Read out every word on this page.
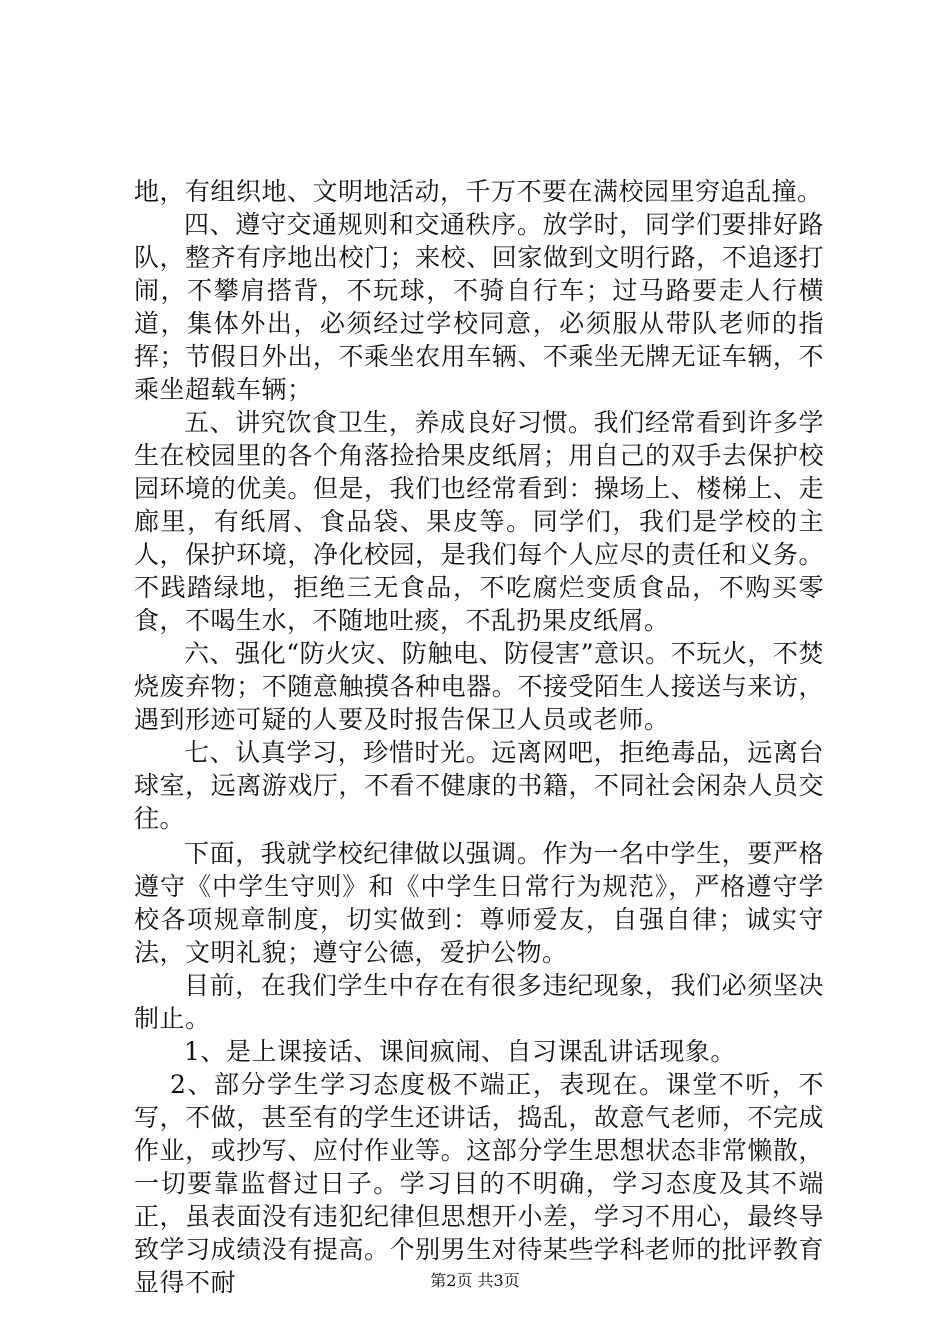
地，有组织地、文明地活动，千万不要在满校园里穷追乱撞。

四、遵守交通规则和交通秩序。放学时，同学们要排好路队，整齐有序地出校门；来校、回家做到文明行路，不追逐打闹，不攀肩搭背，不玩球，不骑自行车；过马路要走人行横道，集体外出，必须经过学校同意，必须服从带队老师的指挥；节假日外出，不乘坐农用车辆、不乘坐无牌无证车辆，不乘坐超载车辆；

五、讲究饮食卫生，养成良好习惯。我们经常看到许多学生在校园里的各个角落捡拾果皮纸屑；用自己的双手去保护校园环境的优美。但是，我们也经常看到：操场上、楼梯上、走廊里，有纸屑、食品袋、果皮等。同学们，我们是学校的主人，保护环境，净化校园，是我们每个人应尽的责任和义务。不践踏绿地，拒绝三无食品，不吃腐烂变质食品，不购买零食，不喝生水，不随地吐痰，不乱扔果皮纸屑。

六、强化“防火灾、防触电、防侵害”意识。不玩火，不焚烧废弃物；不随意触摸各种电器。不接受陌生人接送与来访，遇到形迹可疑的人要及时报告保卫人员或老师。

七、认真学习，珍惜时光。远离网吧，拒绝毒品，远离台球室，远离游戏厅，不看不健康的书籍，不同社会闲杂人员交往。

下面，我就学校纪律做以强调。作为一名中学生，要严格遵守《中学生守则》和《中学生日常行为规范》，严格遵守学校各项规章制度，切实做到：尊师爱友，自强自律；诚实守法，文明礼貌；遵守公德，爱护公物。

目前，在我们学生中存在有很多违纪现象，我们必须坚决制止。

1、是上课接话、课间疯闹、自习课乱讲话现象。

2、部分学生学习态度极不端正，表现在。课堂不听，不写，不做，甚至有的学生还讲话，捣乱，故意气老师，不完成作业，或抄写、应付作业等。这部分学生思想状态非常懒散，一切要靠监督过日子。学习目的不明确，学习态度及其不端正，虽表面没有违犯纪律但思想开小差，学习不用心，最终导致学习成绩没有提高。个别男生对待某些学科老师的批评教育显得不耐	第2页 共3页
